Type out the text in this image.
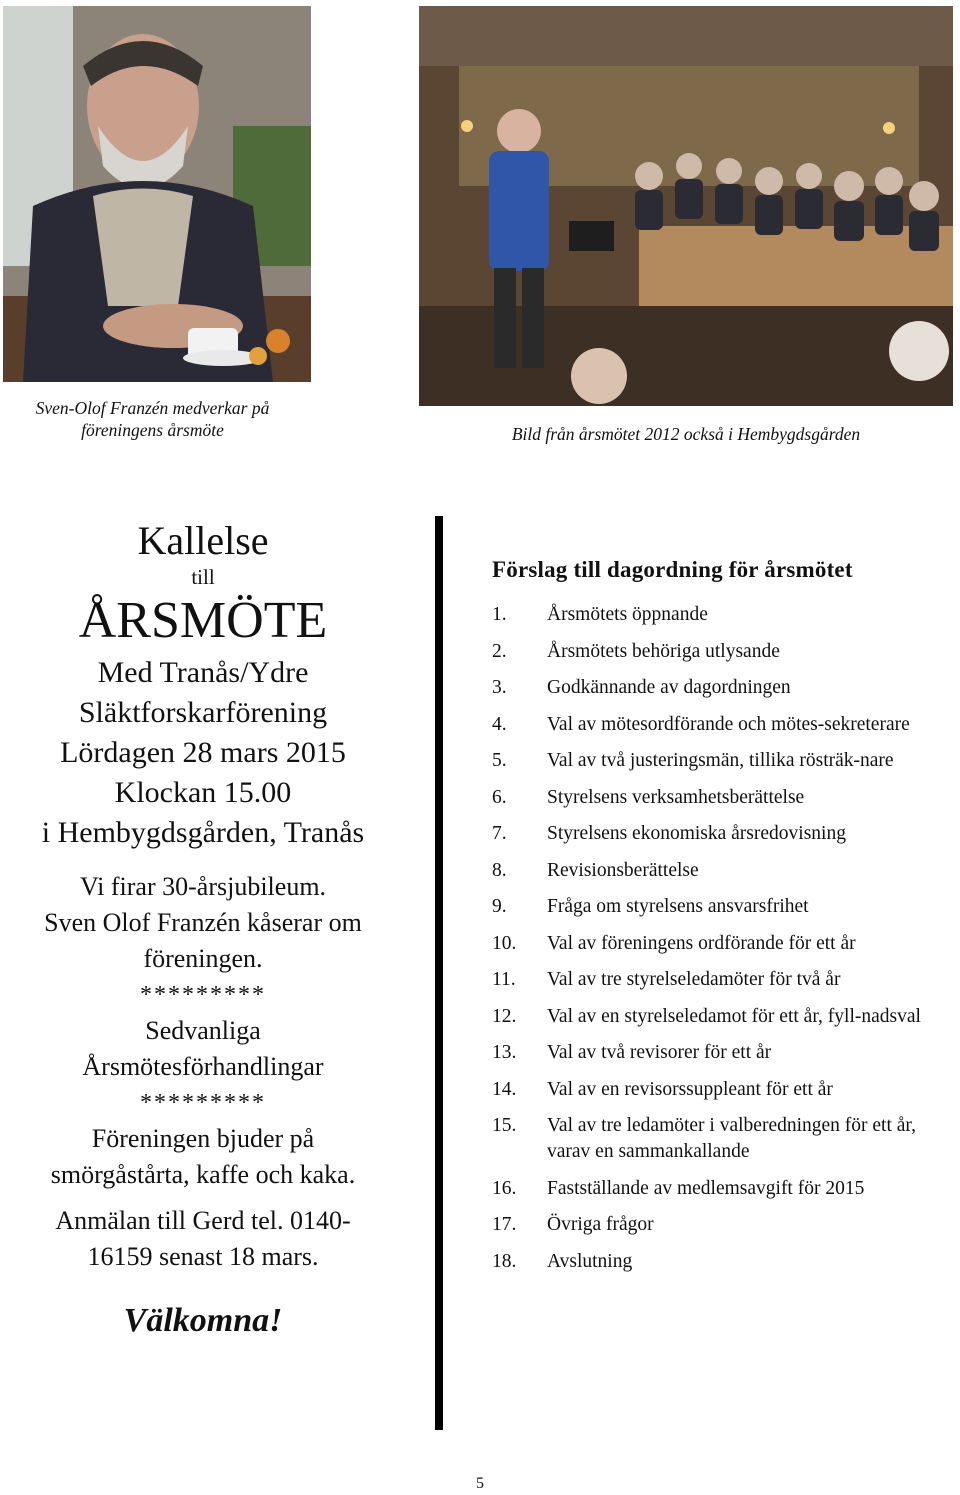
Sven-Olof Franzén medverkar på föreningens årsmöte	Bild från årsmötet 2012 också i Hembygdsgården
Kallelse
till
ÅRSMÖTE
Med Tranås/Ydre
Släktforskarförening
Lördagen 28 mars 2015
Klockan 15.00
i Hembygdsgården, Tranås
Vi firar 30-årsjubileum.
Sven Olof Franzén kåserar om
föreningen.
*********
Sedvanliga
Årsmötesförhandlingar
*********
Föreningen bjuder på
smörgåstårta, kaffe och kaka.
Anmälan till Gerd tel. 0140-
16159 senast 18 mars.
Välkomna!
Förslag till dagordning för årsmötet
1.	Årsmötets öppnande
2.	Årsmötets behöriga utlysande
3.	Godkännande av dagordningen
4.	Val av mötesordförande och mötes-sekreterare
5.	Val av två justeringsmän, tillika rösträk-nare
6.	Styrelsens verksamhetsberättelse
7.	Styrelsens ekonomiska årsredovisning
8.	Revisionsberättelse
9.	Fråga om styrelsens ansvarsfrihet
10.	Val av föreningens ordförande för ett år
11.	Val av tre styrelseledamöter för två år
12.	Val av en styrelseledamot för ett år, fyll-nadsval
13.	Val av två revisorer för ett år
14.	Val av en revisorssuppleant för ett år
15.	Val av tre ledamöter i valberedningen för ett år, varav en sammankallande
16.	Fastställande av medlemsavgift för 2015
17.	Övriga frågor
18.	Avslutning
5
